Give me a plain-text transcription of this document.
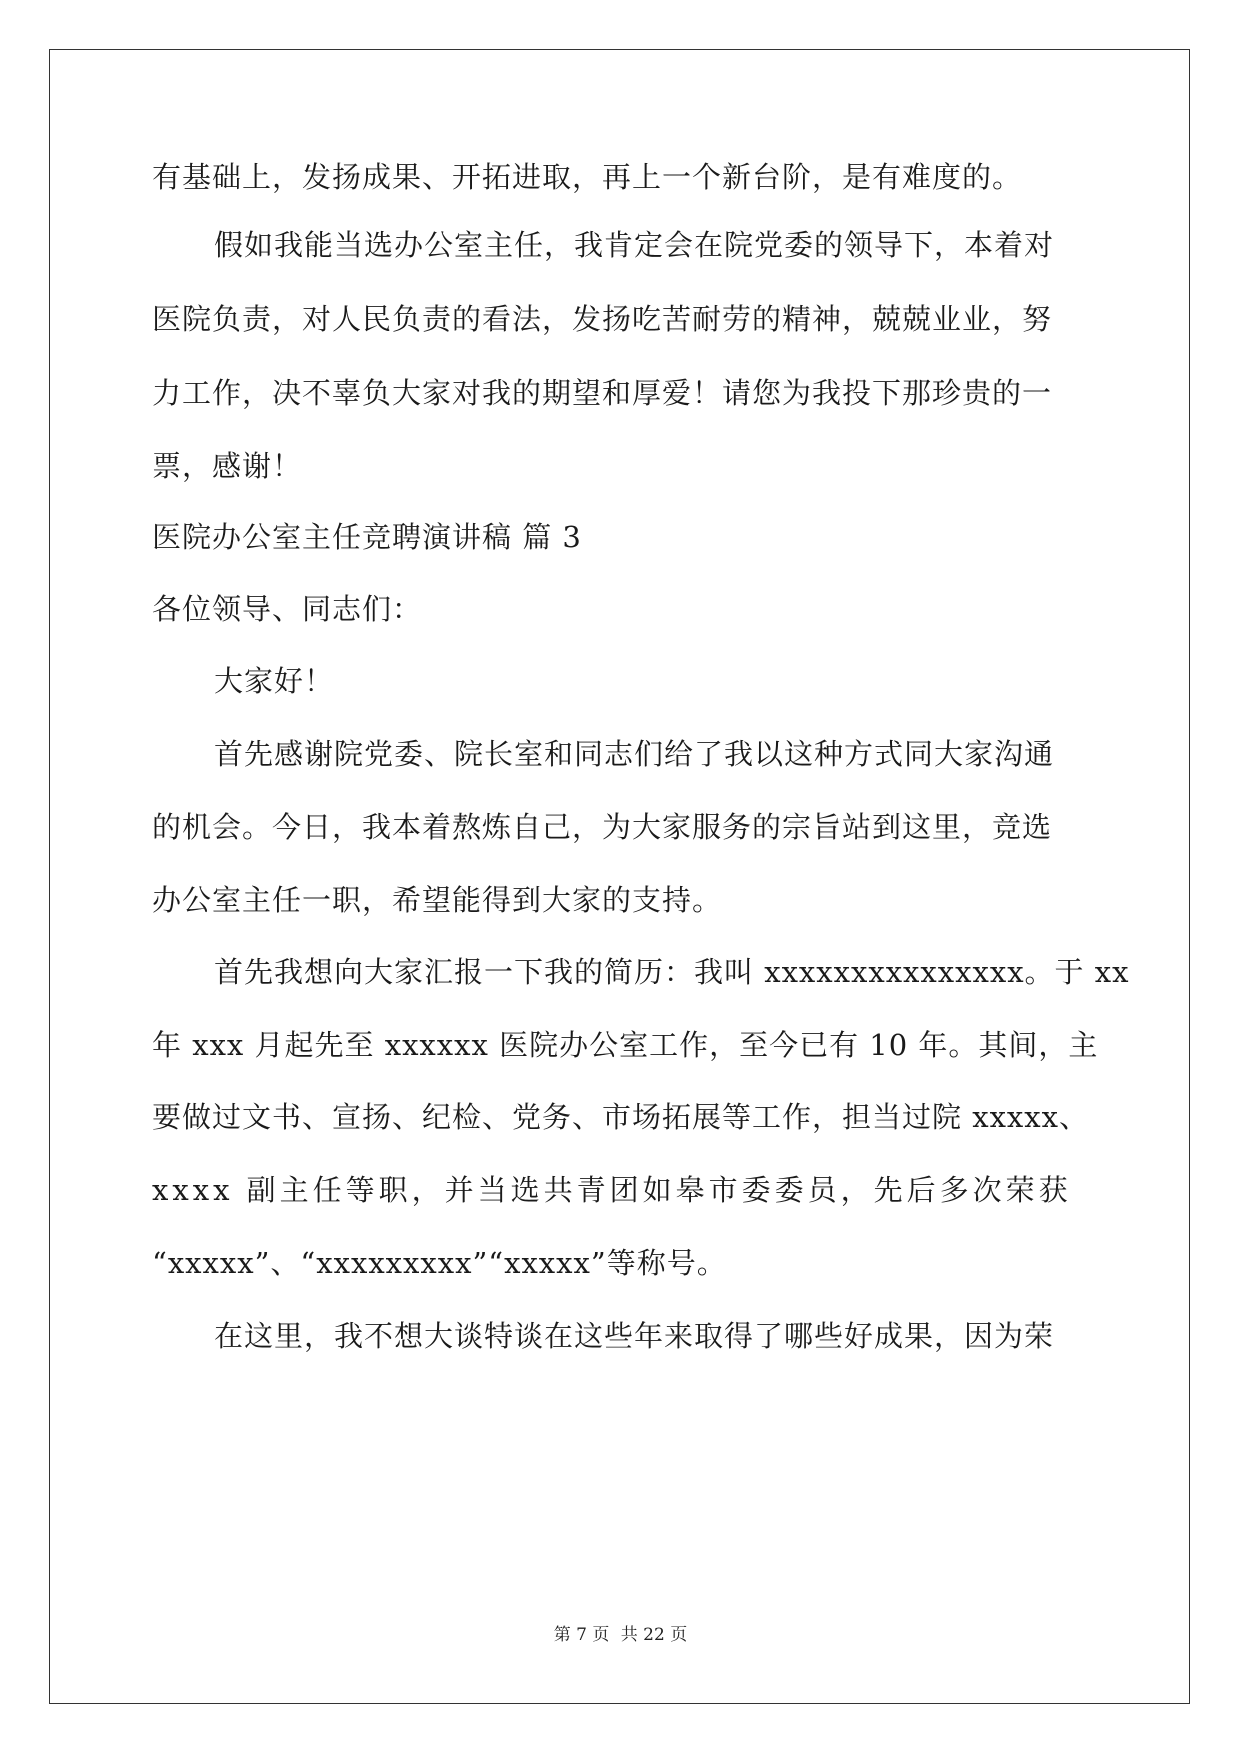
有基础上，发扬成果、开拓进取，再上一个新台阶，是有难度的。
假如我能当选办公室主任，我肯定会在院党委的领导下，本着对
医院负责，对人民负责的看法，发扬吃苦耐劳的精神，兢兢业业，努
力工作，决不辜负大家对我的期望和厚爱！请您为我投下那珍贵的一
票，感谢！
医院办公室主任竞聘演讲稿 篇 3
各位领导、同志们：
大家好！
首先感谢院党委、院长室和同志们给了我以这种方式同大家沟通
的机会。今日，我本着熬炼自己，为大家服务的宗旨站到这里，竞选
办公室主任一职，希望能得到大家的支持。
首先我想向大家汇报一下我的简历：我叫 xxxxxxxxxxxxxxx。于 xx
年 xxx 月起先至 xxxxxx 医院办公室工作，至今已有 10 年。其间，主
要做过文书、宣扬、纪检、党务、市场拓展等工作，担当过院 xxxxx、
xxxx 副主任等职，并当选共青团如皋市委委员，先后多次荣获
“xxxxx”、“xxxxxxxxx”“xxxxx”等称号。
在这里，我不想大谈特谈在这些年来取得了哪些好成果，因为荣
第 7 页 共 22 页
